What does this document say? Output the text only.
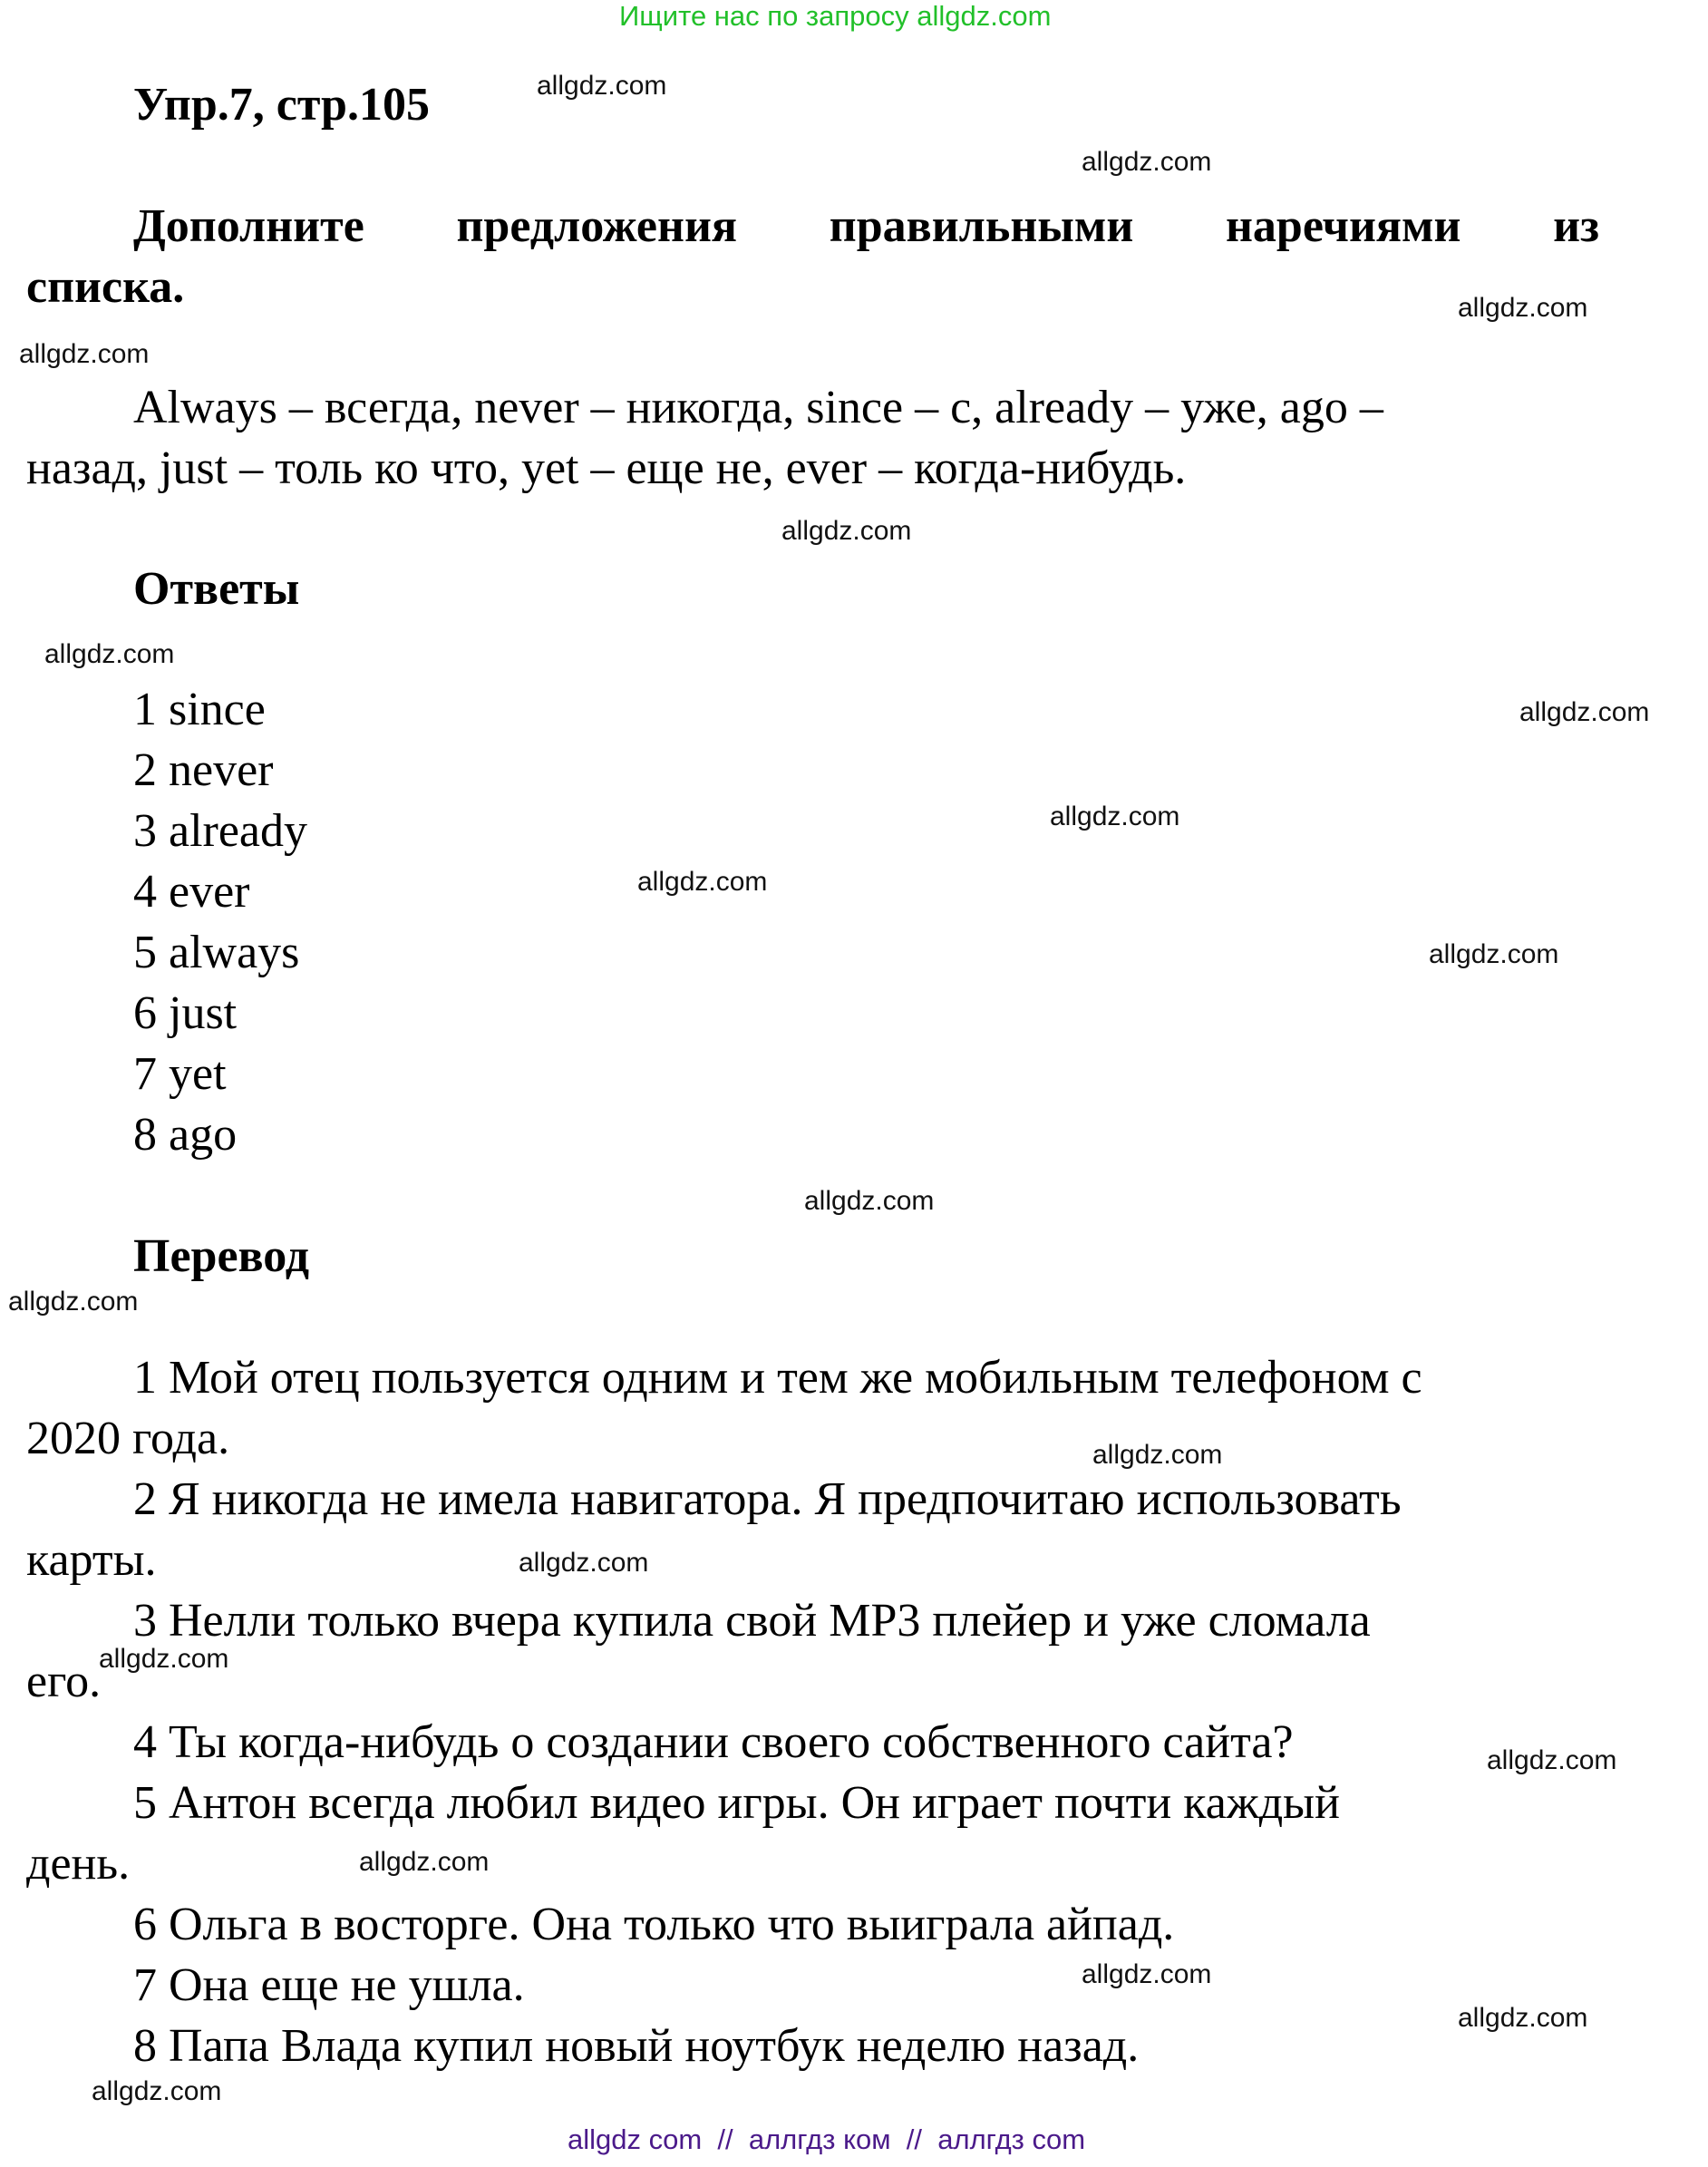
Ищите нас по запросу allgdz.com
Упр.7, стр.105
Дополните предложения правильными наречиями из
списка.
Always – всегда, never – никогда, since – с, already – уже, ago –
назад, just – толь ко что, yet – еще не, ever – когда-нибудь.
Ответы
1 since
2 never
3 already
4 ever
5 always
6 just
7 yet
8 ago
Перевод
1 Мой отец пользуется одним и тем же мобильным телефоном с
2020 года.
2 Я никогда не имела навигатора. Я предпочитаю использовать
карты.
3 Нелли только вчера купила свой MP3 плейер и уже сломала
его.
4 Ты когда-нибудь о создании своего собственного сайта?
5 Антон всегда любил видео игры. Он играет почти каждый
день.
6 Ольга в восторге. Она только что выиграла айпад.
7 Она еще не ушла.
8 Папа Влада купил новый ноутбук неделю назад.
allgdz.com
allgdz.com
allgdz.com
allgdz.com
allgdz.com
allgdz.com
allgdz.com
allgdz.com
allgdz.com
allgdz.com
allgdz.com
allgdz.com
allgdz.com
allgdz.com
allgdz.com
allgdz.com
allgdz.com
allgdz.com
allgdz.com
allgdz.com
allgdz com  //  аллгдз ком  //  аллгдз com
